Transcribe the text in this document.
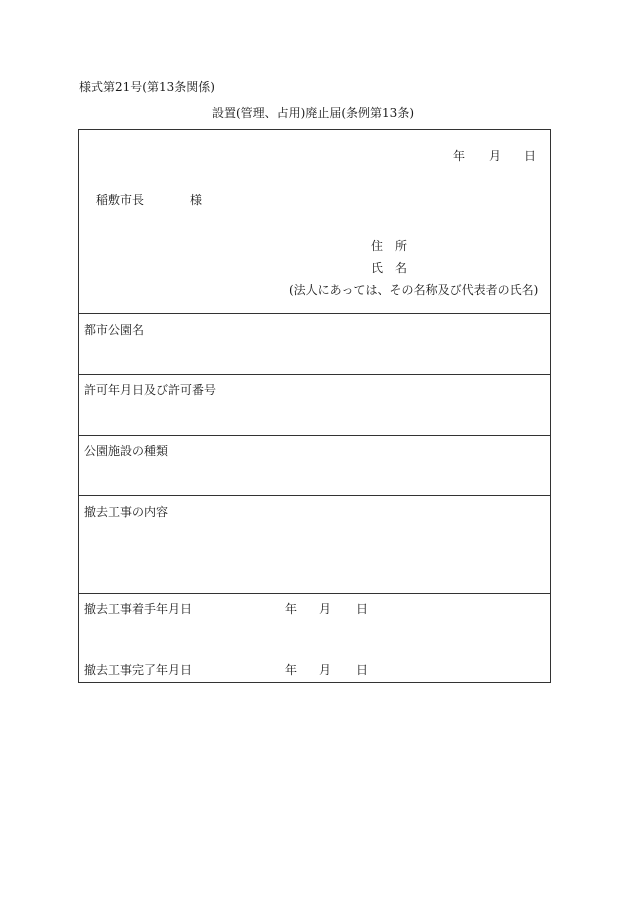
様式第21号(第13条関係)
設置(管理、占用)廃止届(条例第13条)
年 月 日
稲敷市長	様
住 所
氏 名
(法人にあっては、その名称及び代表者の氏名)
都市公園名
許可年月日及び許可番号
公園施設の種類
撤去工事の内容
撤去工事着手年月日	年 月 日
撤去工事完了年月日	年 月 日
